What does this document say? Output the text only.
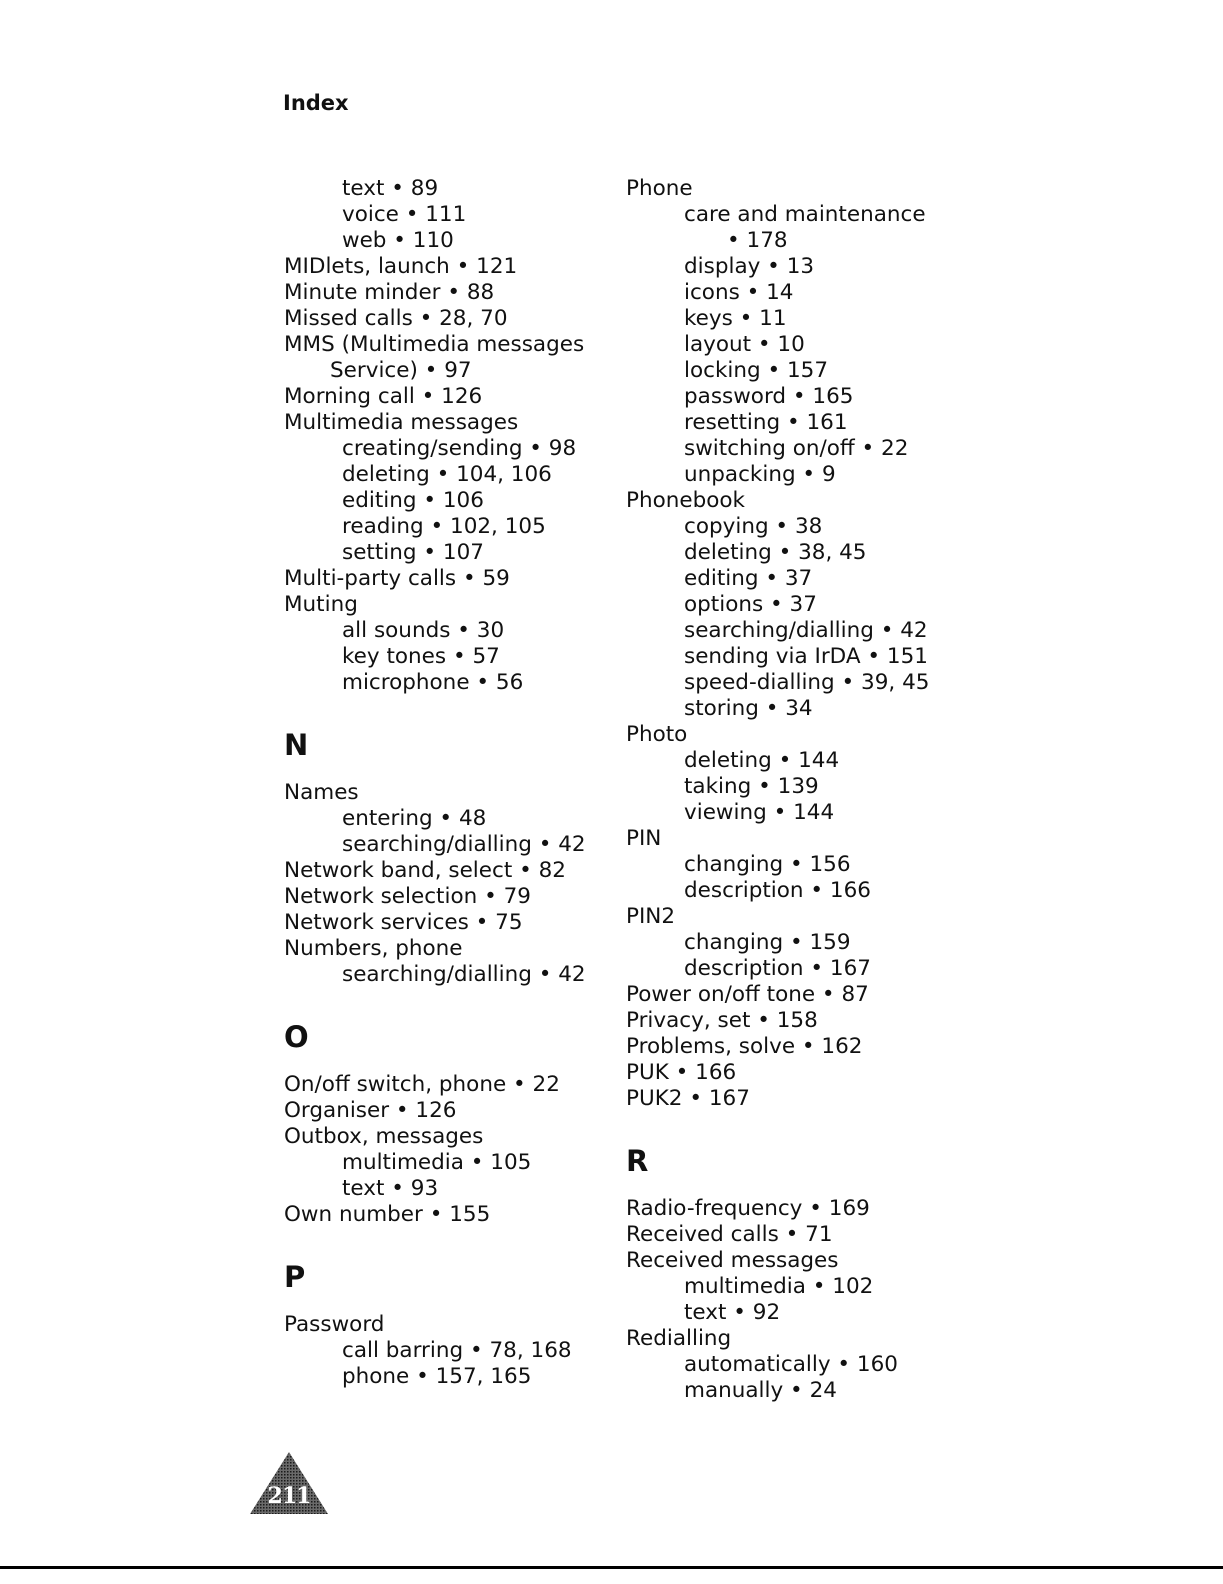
Index
text • 89
voice • 111
web • 110
MIDlets, launch • 121
Minute minder • 88
Missed calls • 28, 70
MMS (Multimedia messages
Service) • 97
Morning call • 126
Multimedia messages
creating/sending • 98
deleting • 104, 106
editing • 106
reading • 102, 105
setting • 107
Multi-party calls • 59
Muting
all sounds • 30
key tones • 57
microphone • 56
N
Names
entering • 48
searching/dialling • 42
Network band, select • 82
Network selection • 79
Network services • 75
Numbers, phone
searching/dialling • 42
O
On/off switch, phone • 22
Organiser • 126
Outbox, messages
multimedia • 105
text • 93
Own number • 155
P
Password
call barring • 78, 168
phone • 157, 165
Phone
care and maintenance
• 178
display • 13
icons • 14
keys • 11
layout • 10
locking • 157
password • 165
resetting • 161
switching on/off • 22
unpacking • 9
Phonebook
copying • 38
deleting • 38, 45
editing • 37
options • 37
searching/dialling • 42
sending via IrDA • 151
speed-dialling • 39, 45
storing • 34
Photo
deleting • 144
taking • 139
viewing • 144
PIN
changing • 156
description • 166
PIN2
changing • 159
description • 167
Power on/off tone • 87
Privacy, set • 158
Problems, solve • 162
PUK • 166
PUK2 • 167
R
Radio-frequency • 169
Received calls • 71
Received messages
multimedia • 102
text • 92
Redialling
automatically • 160
manually • 24
211
